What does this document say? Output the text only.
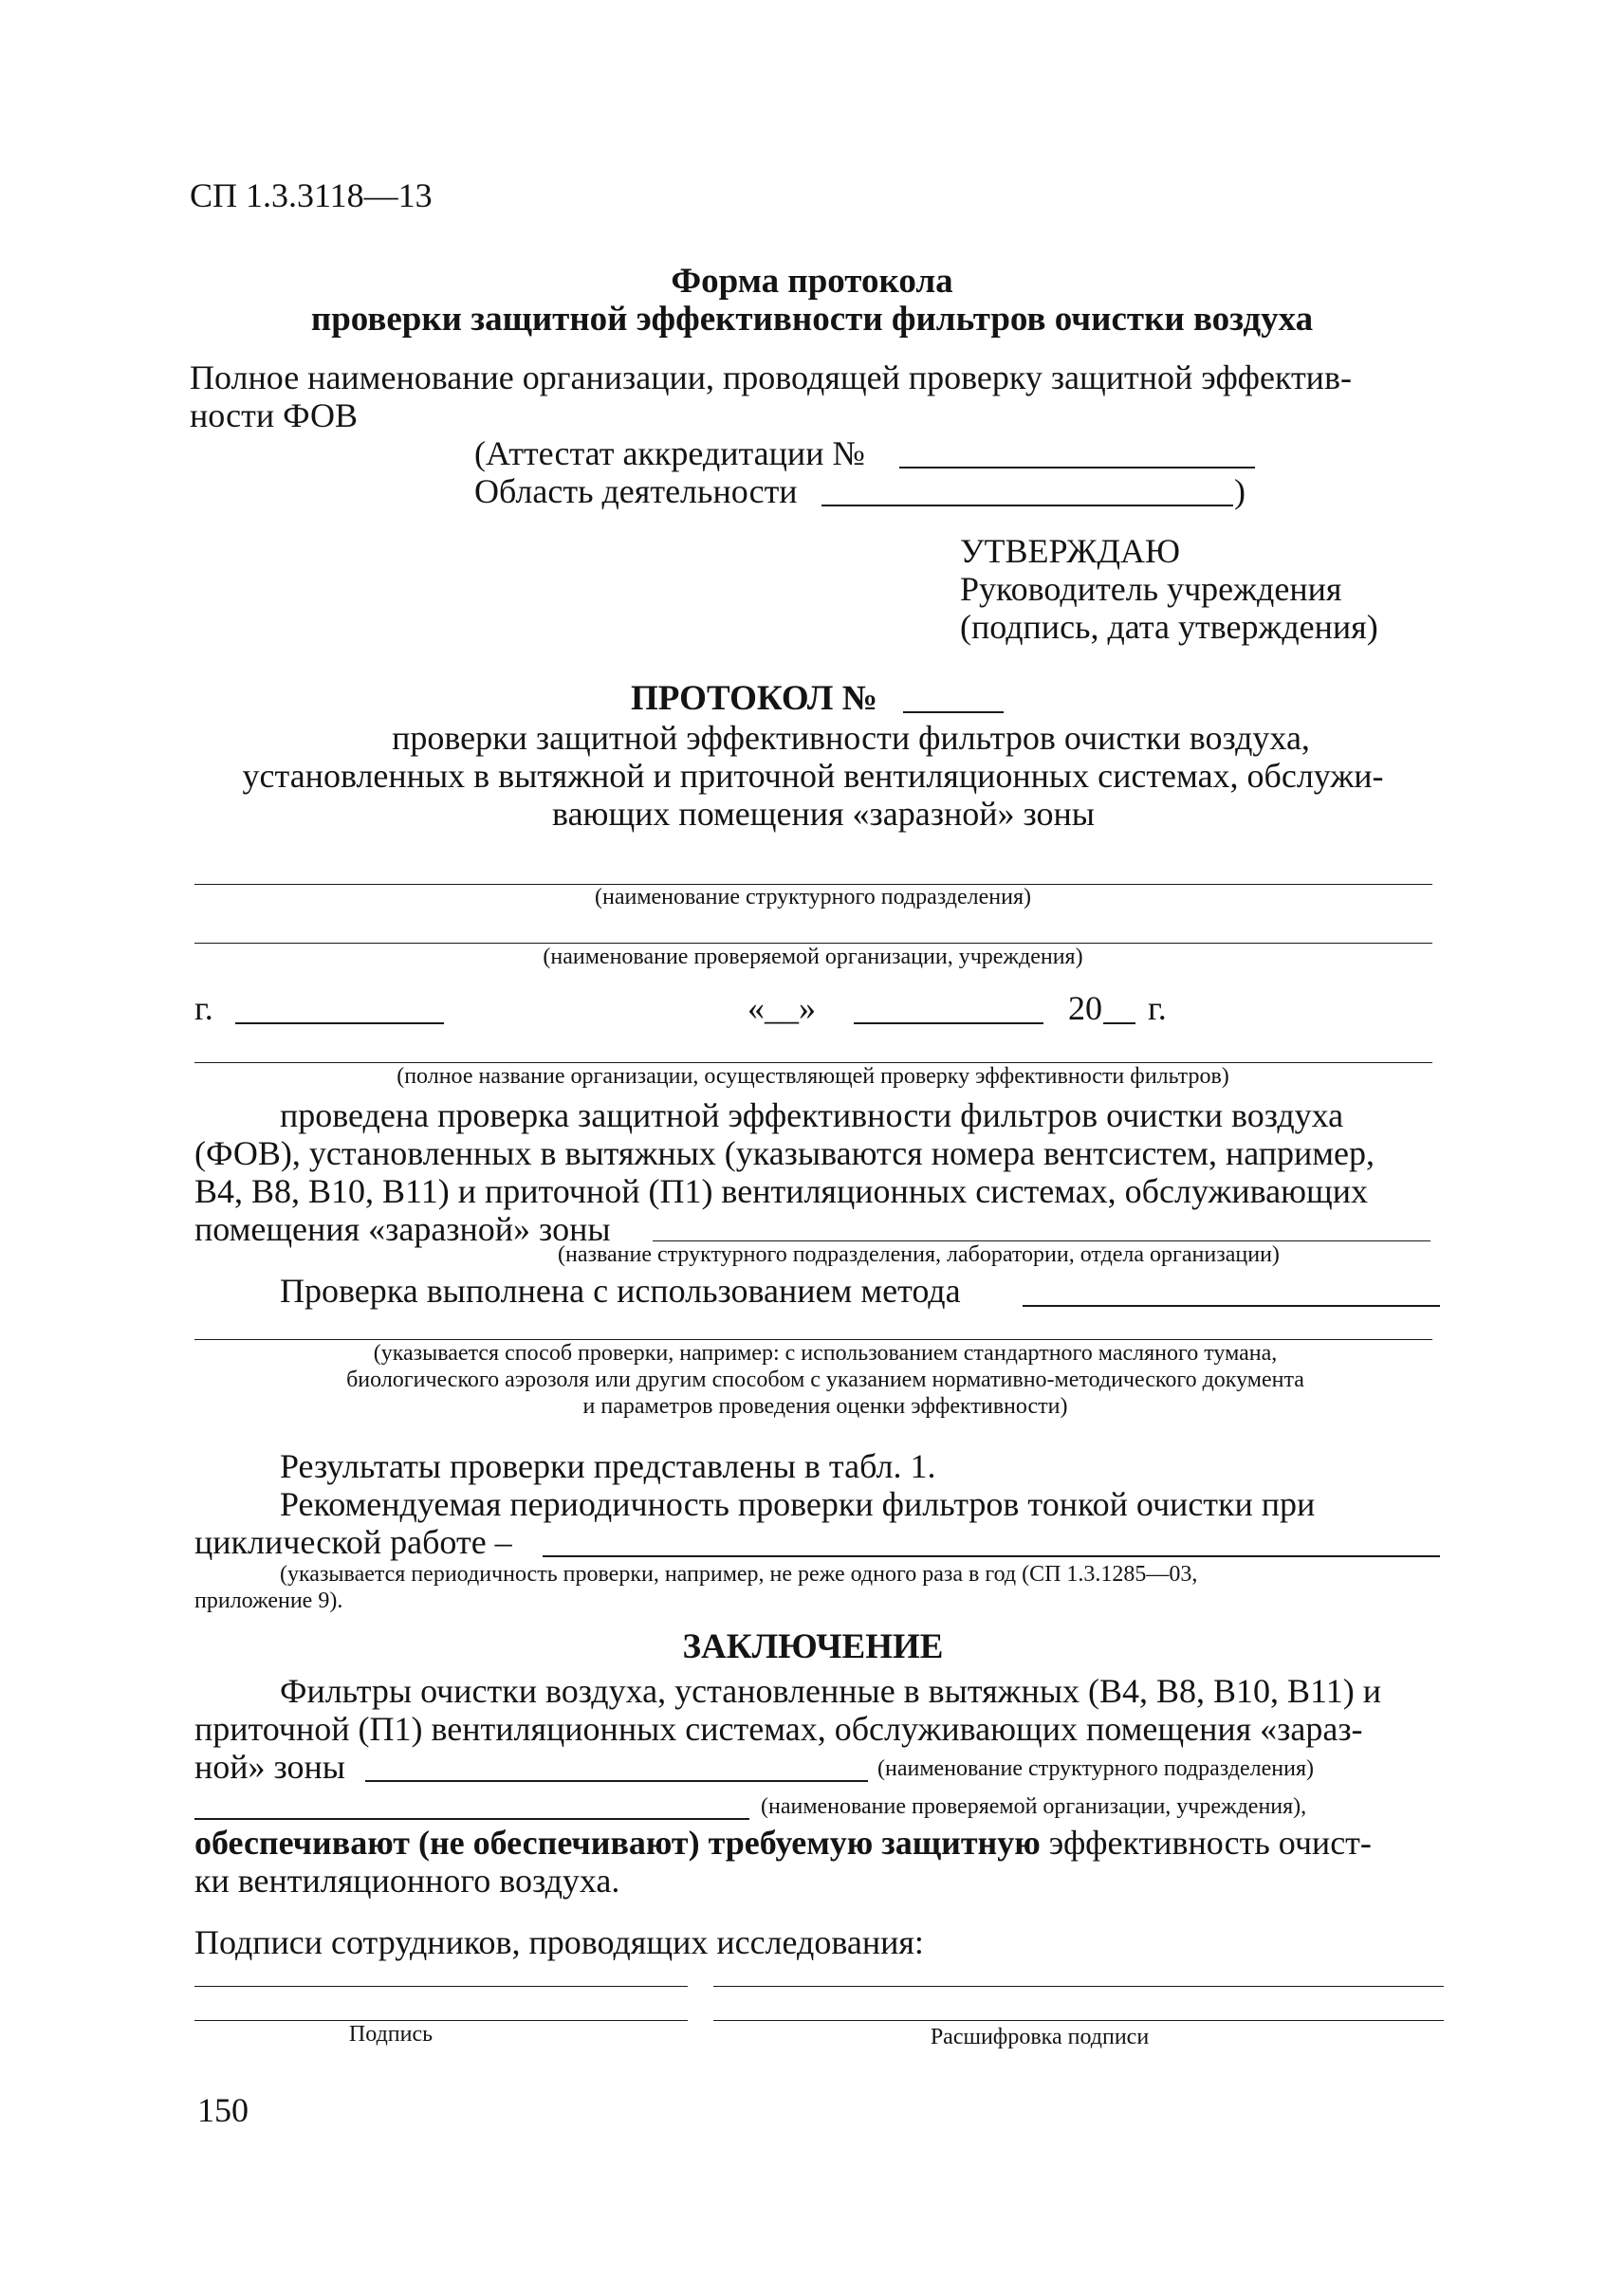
СП 1.3.3118—13
Форма протокола
проверки защитной эффективности фильтров очистки воздуха
Полное наименование организации, проводящей проверку защитной эффектив-
ности ФОВ
(Аттестат аккредитации №
Область деятельности	)
УТВЕРЖДАЮ
Руководитель учреждения
(подпись, дата утверждения)
ПРОТОКОЛ №
проверки защитной эффективности фильтров очистки воздуха,
установленных в вытяжной и приточной вентиляционных системах, обслужи-
вающих помещения «заразной» зоны
(наименование структурного подразделения)
(наименование проверяемой организации, учреждения)
г.	«__»	20 г.
(полное название организации, осуществляющей проверку эффективности фильтров)
проведена проверка защитной эффективности фильтров очистки воздуха
(ФОВ), установленных в вытяжных (указываются номера вентсистем, например,
В4, В8, В10, В11) и приточной (П1) вентиляционных системах, обслуживающих
помещения «заразной» зоны
(название структурного подразделения, лаборатории, отдела организации)
Проверка выполнена с использованием метода
(указывается способ проверки, например: с использованием стандартного масляного тумана,
биологического аэрозоля или другим способом с указанием нормативно-методического документа
и параметров проведения оценки эффективности)
Результаты проверки представлены в табл. 1.
Рекомендуемая периодичность проверки фильтров тонкой очистки при
циклической работе –
(указывается периодичность проверки, например, не реже одного раза в год (СП 1.3.1285—03,
приложение 9).
ЗАКЛЮЧЕНИЕ
Фильтры очистки воздуха, установленные в вытяжных (В4, В8, В10, В11) и
приточной (П1) вентиляционных системах, обслуживающих помещения «зараз-
ной» зоны	(наименование структурного подразделения)
(наименование проверяемой организации, учреждения),
обеспечивают (не обеспечивают) требуемую защитную эффективность очист-
ки вентиляционного воздуха.
Подписи сотрудников, проводящих исследования:
Подпись	Расшифровка подписи
150
